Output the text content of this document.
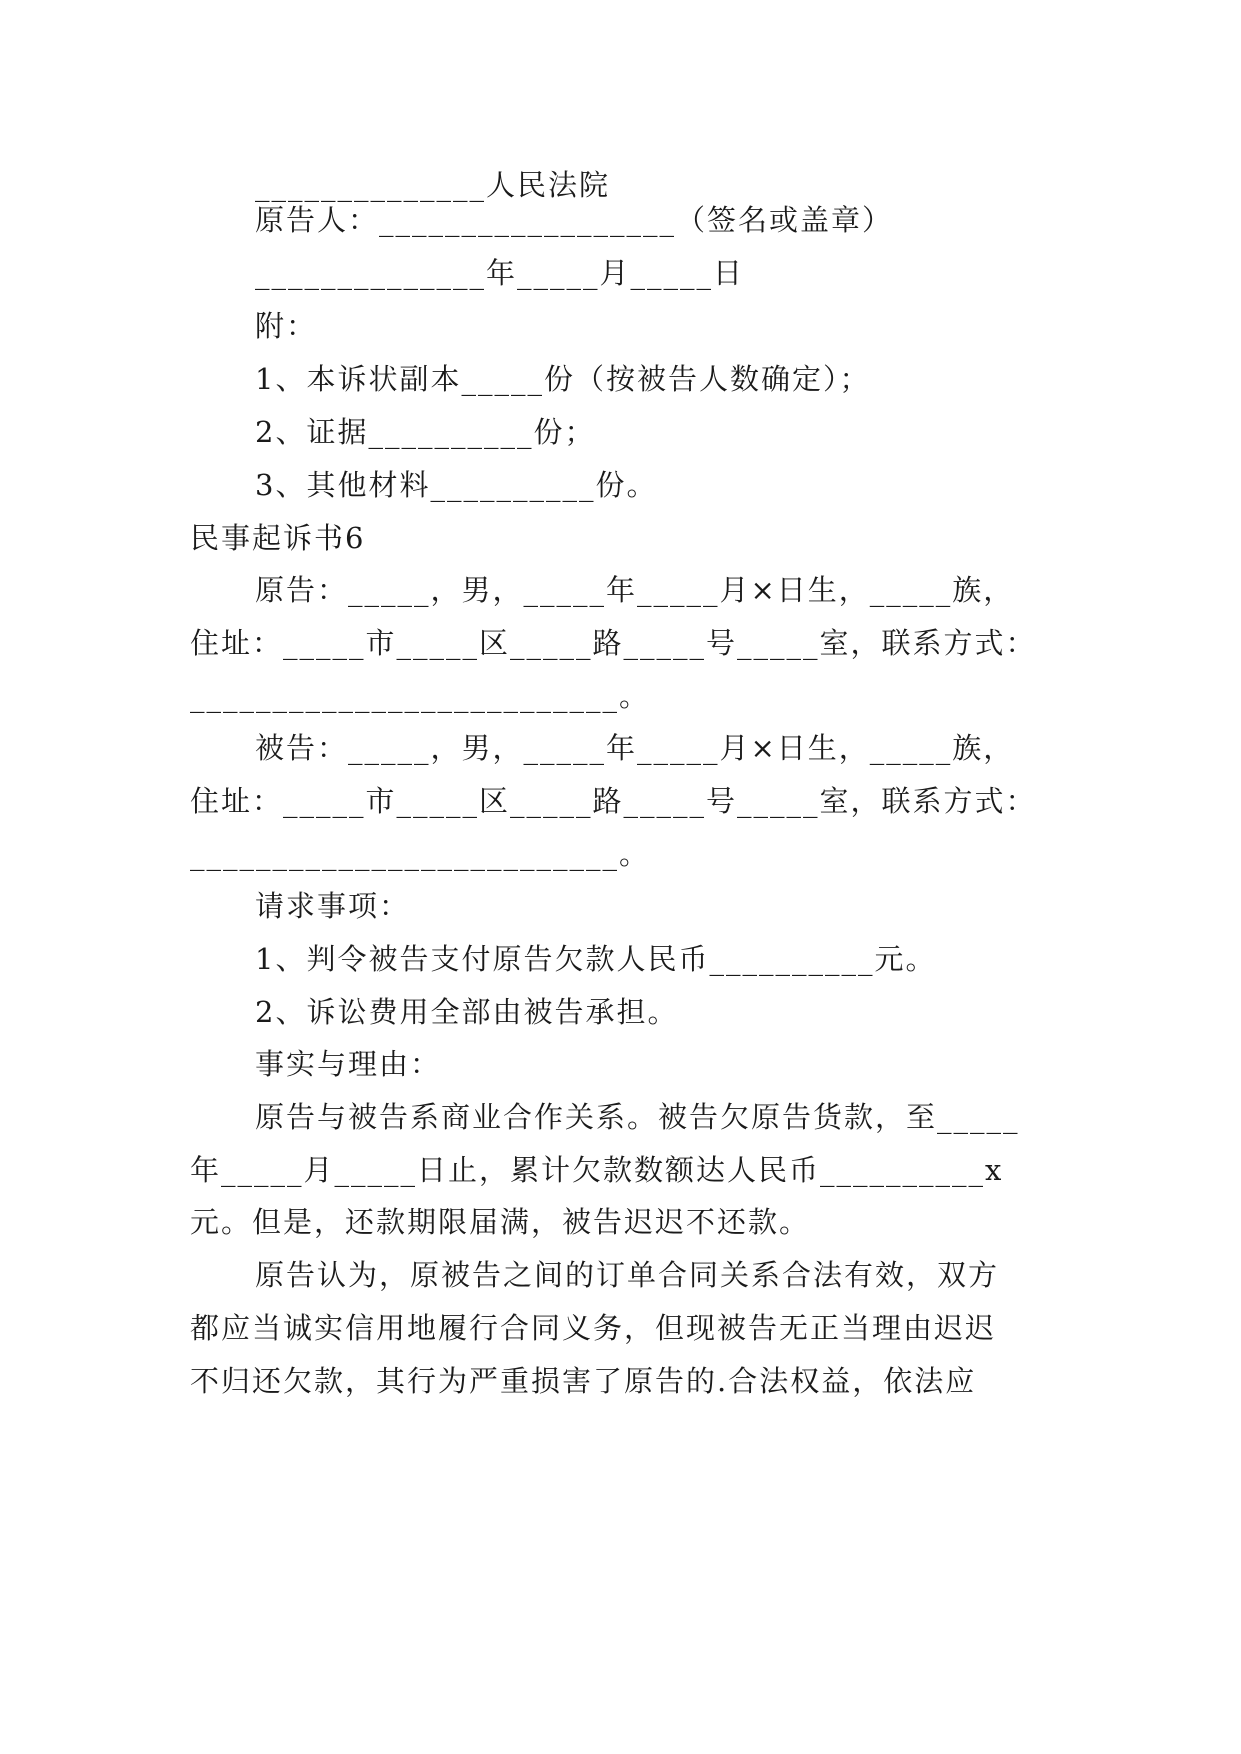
______________人民法院
原告人：__________________（签名或盖章）
______________年_____月_____日
附：
1、本诉状副本_____份（按被告人数确定）；
2、证据__________份；
3、其他材料__________份。
民事起诉书6
原告：_____，男，_____年_____月×日生，_____族，
住址：_____市_____区_____路_____号_____室，联系方式：
__________________________。
被告：_____，男，_____年_____月×日生，_____族，
住址：_____市_____区_____路_____号_____室，联系方式：
__________________________。
请求事项：
1、判令被告支付原告欠款人民币__________元。
2、诉讼费用全部由被告承担。
事实与理由：
原告与被告系商业合作关系。被告欠原告货款，至_____
年_____月_____日止，累计欠款数额达人民币__________x
元。但是，还款期限届满，被告迟迟不还款。
原告认为，原被告之间的订单合同关系合法有效，双方
都应当诚实信用地履行合同义务，但现被告无正当理由迟迟
不归还欠款，其行为严重损害了原告的.合法权益，依法应
